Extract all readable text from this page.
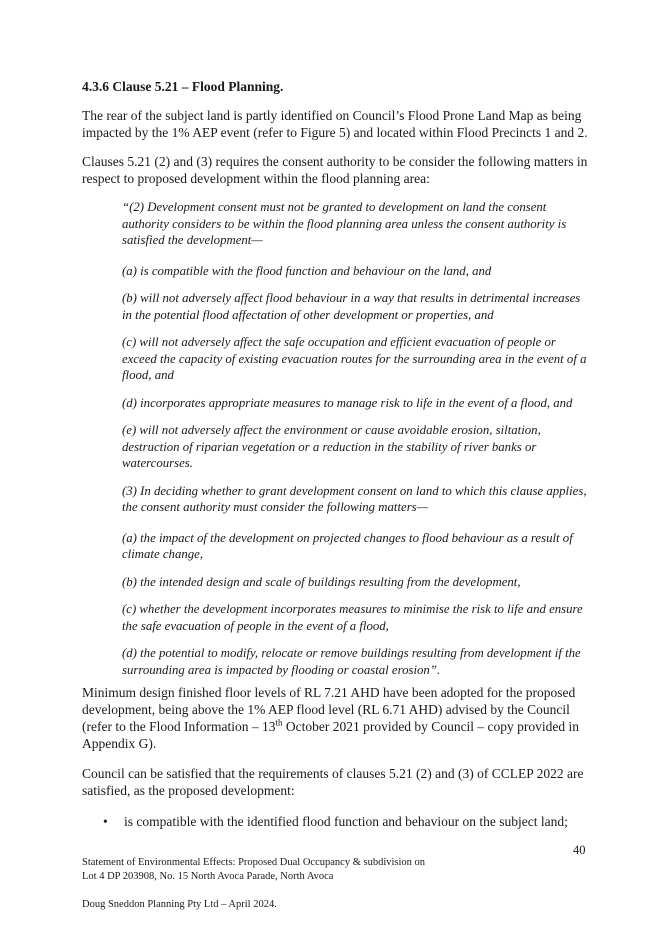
4.3.6 Clause 5.21 – Flood Planning.

The rear of the subject land is partly identified on Council’s Flood Prone Land Map as being impacted by the 1% AEP event (refer to Figure 5) and located within Flood Precincts 1 and 2.

Clauses 5.21 (2) and (3) requires the consent authority to be consider the following matters in respect to proposed development within the flood planning area:

“(2) Development consent must not be granted to development on land the consent authority considers to be within the flood planning area unless the consent authority is satisfied the development—

(a) is compatible with the flood function and behaviour on the land, and

(b) will not adversely affect flood behaviour in a way that results in detrimental increases in the potential flood affectation of other development or properties, and

(c) will not adversely affect the safe occupation and efficient evacuation of people or exceed the capacity of existing evacuation routes for the surrounding area in the event of a flood, and

(d) incorporates appropriate measures to manage risk to life in the event of a flood, and

(e) will not adversely affect the environment or cause avoidable erosion, siltation, destruction of riparian vegetation or a reduction in the stability of river banks or watercourses.

(3) In deciding whether to grant development consent on land to which this clause applies, the consent authority must consider the following matters—

(a) the impact of the development on projected changes to flood behaviour as a result of climate change,

(b) the intended design and scale of buildings resulting from the development,

(c) whether the development incorporates measures to minimise the risk to life and ensure the safe evacuation of people in the event of a flood,

(d) the potential to modify, relocate or remove buildings resulting from development if the surrounding area is impacted by flooding or coastal erosion”.

Minimum design finished floor levels of RL 7.21 AHD have been adopted for the proposed development, being above the 1% AEP flood level (RL 6.71 AHD) advised by the Council (refer to the Flood Information – 13th October 2021 provided by Council – copy provided in Appendix G).

Council can be satisfied that the requirements of clauses 5.21 (2) and (3) of CCLEP 2022 are satisfied, as the proposed development:

• is compatible with the identified flood function and behaviour on the subject land;
40
Statement of Environmental Effects: Proposed Dual Occupancy & subdivision on
Lot 4 DP 203908, No. 15 North Avoca Parade, North Avoca
Doug Sneddon Planning Pty Ltd – April 2024.
